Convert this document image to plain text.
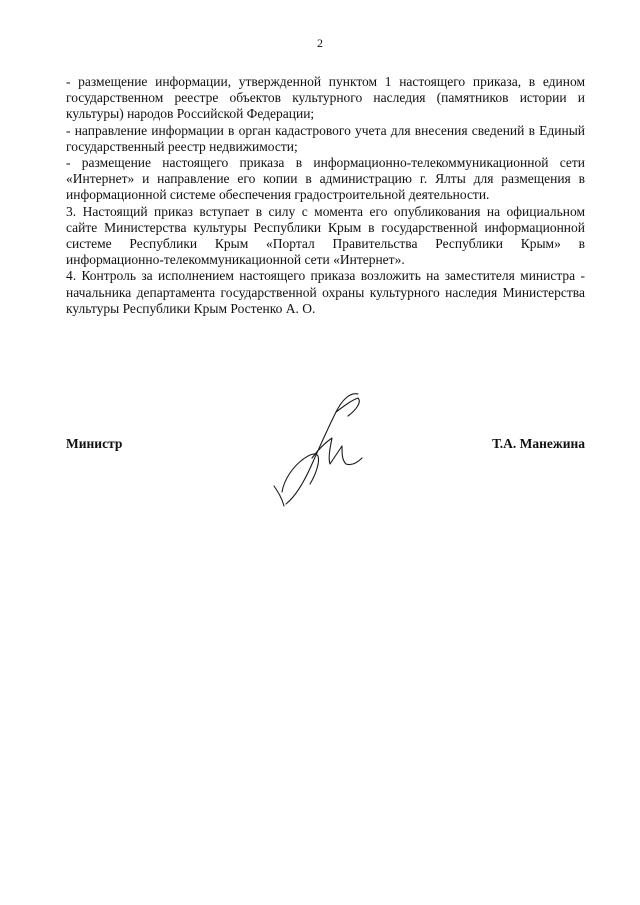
2

- размещение информации, утвержденной пунктом 1 настоящего приказа, в едином государственном реестре объектов культурного наследия (памятников истории и культуры) народов Российской Федерации;

- направление информации в орган кадастрового учета для внесения сведений в Единый государственный реестр недвижимости;

- размещение настоящего приказа в информационно-телекоммуникационной сети «Интернет» и направление его копии в администрацию г. Ялты для размещения в информационной системе обеспечения градостроительной деятельности.

3. Настоящий приказ вступает в силу с момента его опубликования на официальном сайте Министерства культуры Республики Крым в государственной информационной системе Республики Крым «Портал Правительства Республики Крым» в информационно-телекоммуникационной сети «Интернет».

4. Контроль за исполнением настоящего приказа возложить на заместителя министра - начальника департамента государственной охраны культурного наследия Министерства культуры Республики Крым Ростенко А. О.

Министр	Т.А. Манежина
